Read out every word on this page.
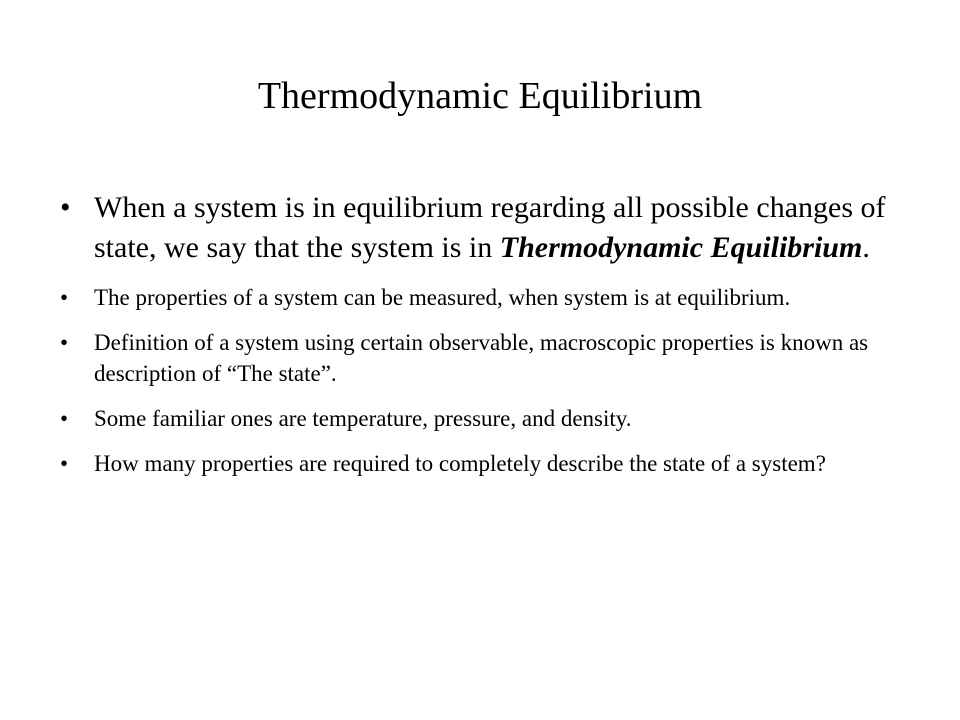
Thermodynamic Equilibrium
• When a system is in equilibrium regarding all possible changes of state, we say that the system is in Thermodynamic Equilibrium.
• The properties of a system can be measured, when system is at equilibrium.
• Definition of a system using certain observable, macroscopic properties is known as description of “The state”.
• Some familiar ones are temperature, pressure, and density.
• How many properties are required to completely describe the state of a system?
